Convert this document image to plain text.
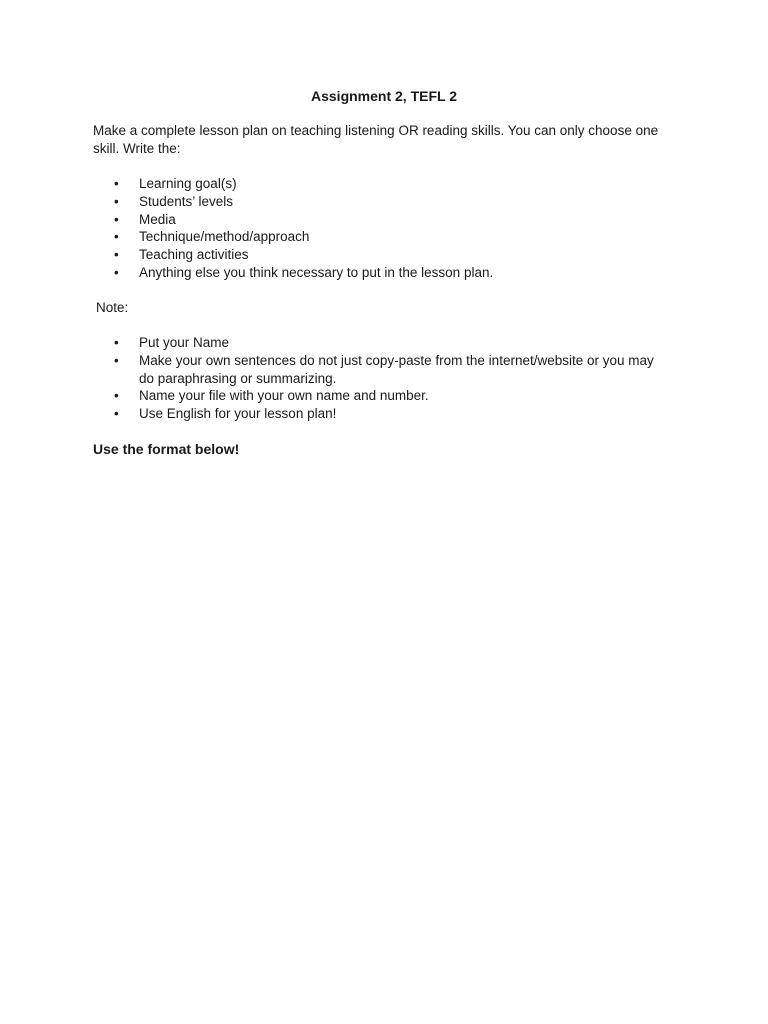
Assignment 2, TEFL 2
Make a complete lesson plan on teaching listening OR reading skills. You can only choose one skill. Write the:
• Learning goal(s)
• Students’ levels
• Media
• Technique/method/approach
• Teaching activities
• Anything else you think necessary to put in the lesson plan.
Note:
• Put your Name
• Make your own sentences do not just copy-paste from the internet/website or you may do paraphrasing or summarizing.
• Name your file with your own name and number.
• Use English for your lesson plan!
Use the format below!
